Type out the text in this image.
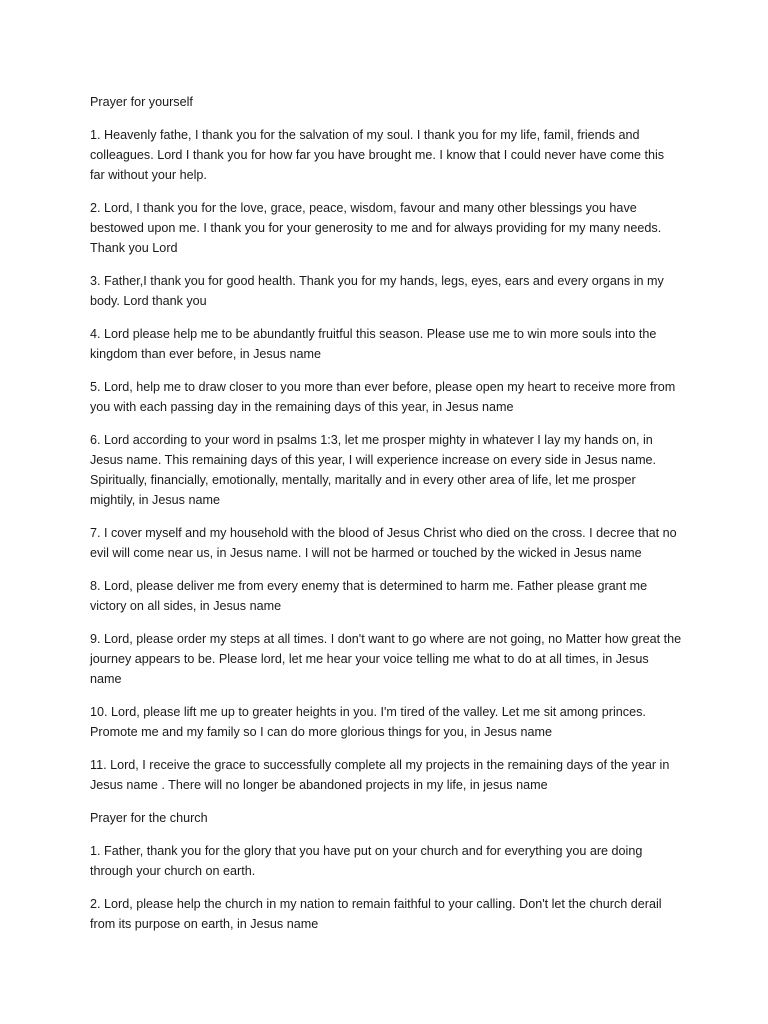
Prayer for yourself

1. Heavenly fathe, I thank you for the salvation of my soul. I thank you for my life, famil, friends and colleagues. Lord I thank you for how far you have brought me. I know that I could never have come this far without your help.

2. Lord, I thank you for the love, grace, peace, wisdom, favour and many other blessings you have bestowed upon me. I thank you for your generosity to me and for always providing for my many needs. Thank you Lord

3. Father,I thank you for good health. Thank you for my hands, legs, eyes, ears and every organs in my body. Lord thank you

4. Lord please help me to be abundantly fruitful this season. Please use me to win more souls into the kingdom than ever before, in Jesus name

5. Lord, help me to draw closer to you more than ever before, please open my heart to receive more from you with each passing day in the remaining days of this year, in Jesus name

6. Lord according to your word in psalms 1:3, let me prosper mighty in whatever I lay my hands on, in Jesus name. This remaining days of this year, I will experience increase on every side in Jesus name. Spiritually, financially, emotionally, mentally, maritally and in every other area of life, let me prosper mightily, in Jesus name

7. I cover myself and my household with the blood of Jesus Christ who died on the cross. I decree that no evil will come near us, in Jesus name. I will not be harmed or touched by the wicked in Jesus name

8. Lord, please deliver me from every enemy that is determined to harm me. Father please grant me victory on all sides, in Jesus name

9. Lord, please order my steps at all times. I don't want to go where are not going, no Matter how great the journey appears to be. Please lord, let me hear your voice telling me what to do at all times, in Jesus name

10. Lord, please lift me up to greater heights in you. I'm tired of the valley. Let me sit among princes. Promote me and my family so I can do more glorious things for you, in Jesus name

11. Lord, I receive the grace to successfully complete all my projects in the remaining days of the year in Jesus name . There will no longer be abandoned projects in my life, in jesus name

Prayer for the church

1. Father, thank you for the glory that you have put on your church and for everything you are doing through your church on earth.

2. Lord, please help the church in my nation to remain faithful to your calling. Don't let the church derail from its purpose on earth, in Jesus name
